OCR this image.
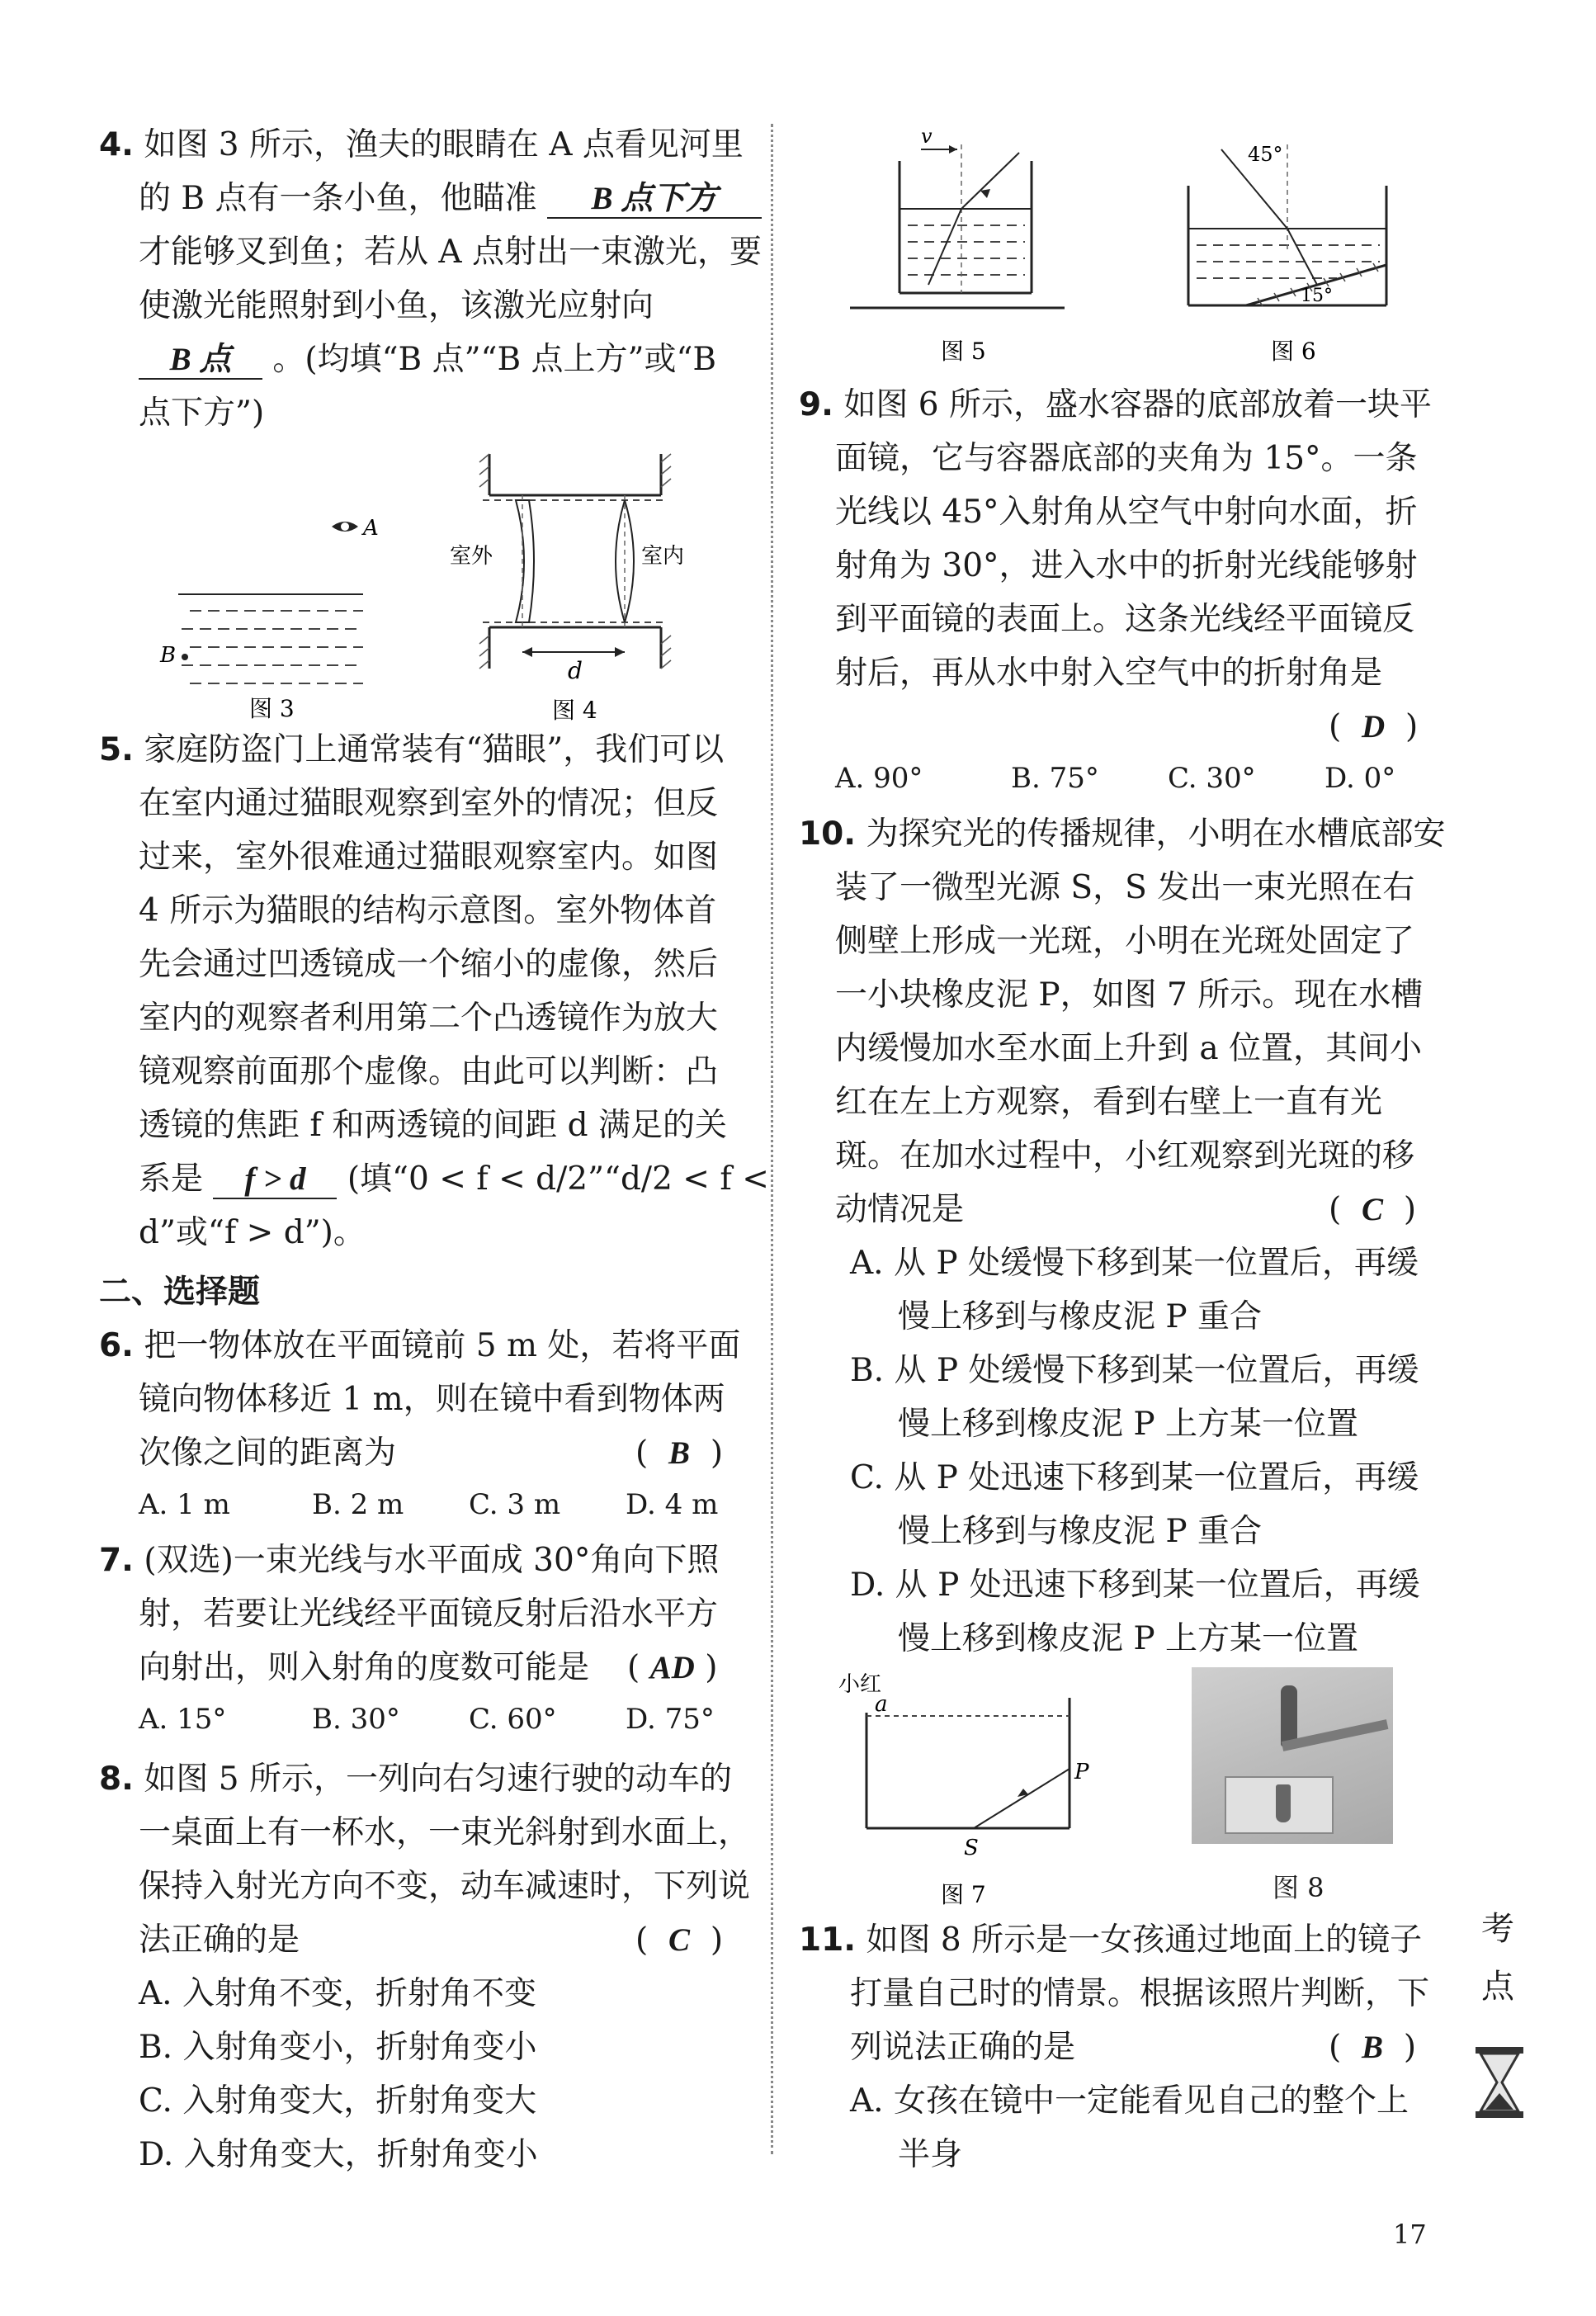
4. 如图 3 所示，渔夫的眼睛在 A 点看见河里
的 B 点有一条小鱼，他瞄准 B 点下方
才能够叉到鱼；若从 A 点射出一束激光，要
使激光能照射到小鱼，该激光应射向
B 点 。(均填“B 点”“B 点上方”或“B
点下方”)
A
B
图 3
室外	室内
d
图 4
5. 家庭防盗门上通常装有“猫眼”，我们可以
在室内通过猫眼观察到室外的情况；但反
过来，室外很难通过猫眼观察室内。如图
4 所示为猫眼的结构示意图。室外物体首
先会通过凹透镜成一个缩小的虚像，然后
室内的观察者利用第二个凸透镜作为放大
镜观察前面那个虚像。由此可以判断：凸
透镜的焦距 f 和两透镜的间距 d 满足的关
系是 f > d (填“0 < f < d/2”“d/2 < f <
d”或“f > d”)。
二、选择题
6. 把一物体放在平面镜前 5 m 处，若将平面
镜向物体移近 1 m，则在镜中看到物体两
次像之间的距离为	(  B  )
A. 1 m	B. 2 m C. 3 m D. 4 m
7. (双选)一束光线与水平面成 30°角向下照
射，若要让光线经平面镜反射后沿水平方
向射出，则入射角的度数可能是 ( AD )
A. 15°	B. 30° C. 60° D. 75°
8. 如图 5 所示，一列向右匀速行驶的动车的
一桌面上有一杯水，一束光斜射到水面上，
保持入射光方向不变，动车减速时，下列说
法正确的是	(  C  )
A. 入射角不变，折射角不变
B. 入射角变小，折射角变小
C. 入射角变大，折射角变大
D. 入射角变大，折射角变小
v
图 5
45°
15°
图 6
9. 如图 6 所示，盛水容器的底部放着一块平
面镜，它与容器底部的夹角为 15°。一条
光线以 45°入射角从空气中射向水面，折
射角为 30°，进入水中的折射光线能够射
到平面镜的表面上。这条光线经平面镜反
射后，再从水中射入空气中的折射角是
(  D  )
A. 90°	B. 75° C. 30° D. 0°
10. 为探究光的传播规律，小明在水槽底部安
装了一微型光源 S，S 发出一束光照在右
侧壁上形成一光斑，小明在光斑处固定了
一小块橡皮泥 P，如图 7 所示。现在水槽
内缓慢加水至水面上升到 a 位置，其间小
红在左上方观察，看到右壁上一直有光
斑。在加水过程中，小红观察到光斑的移
动情况是	(  C  )
A. 从 P 处缓慢下移到某一位置后，再缓
慢上移到与橡皮泥 P 重合
B. 从 P 处缓慢下移到某一位置后，再缓
慢上移到橡皮泥 P 上方某一位置
C. 从 P 处迅速下移到某一位置后，再缓
慢上移到与橡皮泥 P 重合
D. 从 P 处迅速下移到某一位置后，再缓
慢上移到橡皮泥 P 上方某一位置
小红
a
P
S
图 7	图 8
11. 如图 8 所示是一女孩通过地面上的镜子
打量自己时的情景。根据该照片判断，下
列说法正确的是	(  B  )
A. 女孩在镜中一定能看见自己的整个上
半身
考
点
17
